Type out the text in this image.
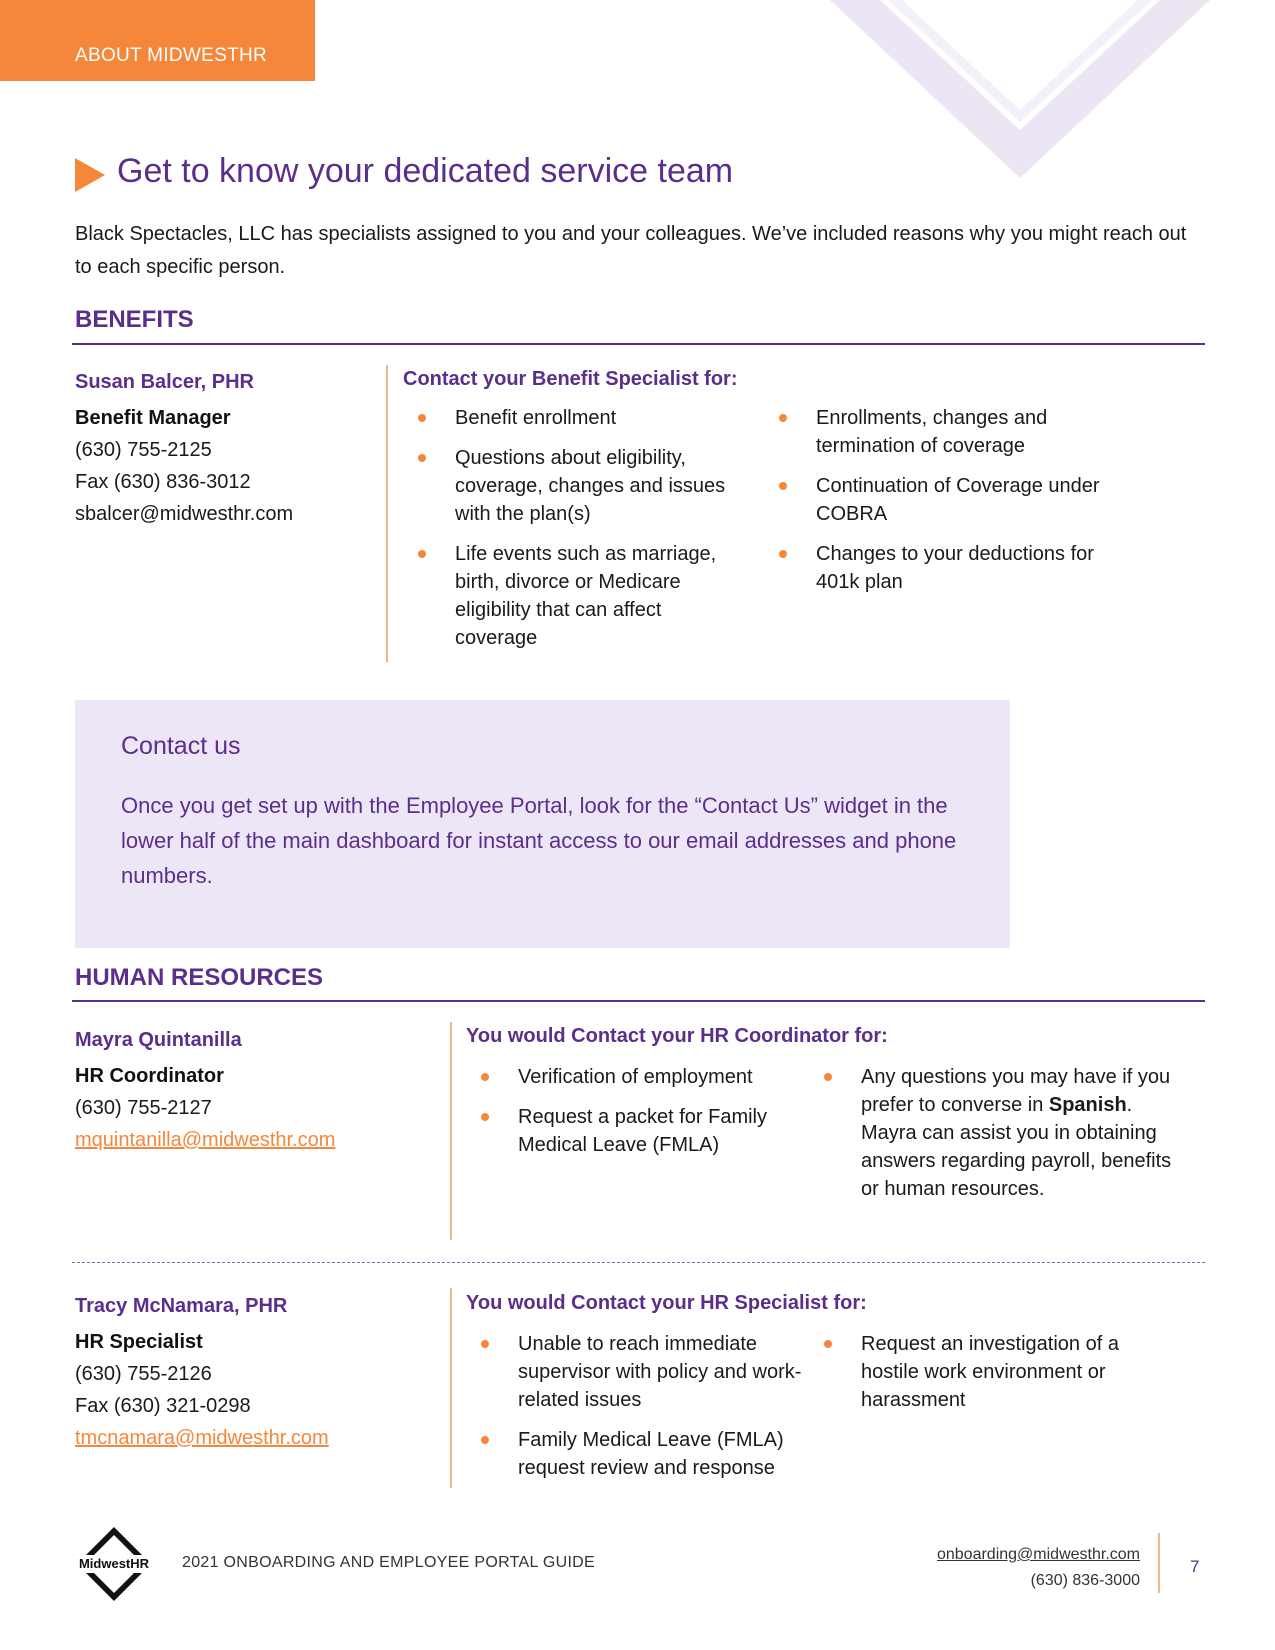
ABOUT MIDWESTHR
Get to know your dedicated service team

Black Spectacles, LLC has specialists assigned to you and your colleagues. We’ve included reasons why you might reach out to each specific person.

BENEFITS
Susan Balcer, PHR
Benefit Manager
(630) 755-2125
Fax (630) 836-3012
sbalcer@midwesthr.com
Contact your Benefit Specialist for:
Benefit enrollment
Questions about eligibility, coverage, changes and issues with the plan(s)
Life events such as marriage, birth, divorce or Medicare eligibility that can affect coverage
Enrollments, changes and termination of coverage
Continuation of Coverage under COBRA
Changes to your deductions for 401k plan
Contact us
Once you get set up with the Employee Portal, look for the “Contact Us” widget in the lower half of the main dashboard for instant access to our email addresses and phone numbers.
HUMAN RESOURCES
Mayra Quintanilla
HR Coordinator
(630) 755-2127
mquintanilla@midwesthr.com
You would Contact your HR Coordinator for:
Verification of employment
Request a packet for Family Medical Leave (FMLA)
Any questions you may have if you prefer to converse in Spanish. Mayra can assist you in obtaining answers regarding payroll, benefits or human resources.
Tracy McNamara, PHR
HR Specialist
(630) 755-2126
Fax (630) 321-0298
tmcnamara@midwesthr.com
You would Contact your HR Specialist for:
Unable to reach immediate supervisor with policy and work-related issues
Family Medical Leave (FMLA) request review and response
Request an investigation of a hostile work environment or harassment
MidwestHR 2021 ONBOARDING AND EMPLOYEE PORTAL GUIDE	onboarding@midwesthr.com
(630) 836-3000
7
